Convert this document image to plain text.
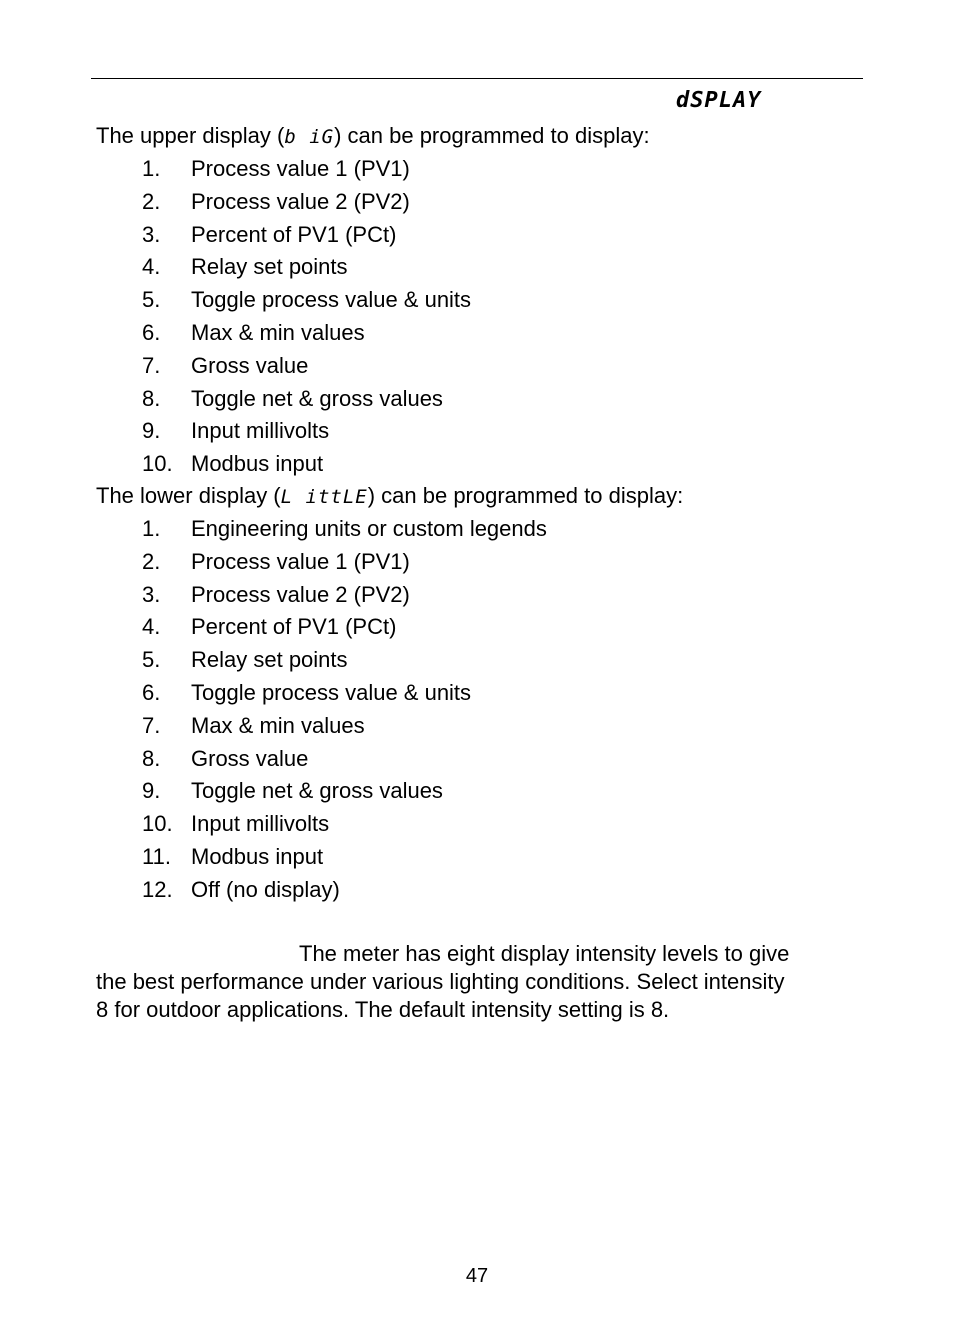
dSPLAY
The upper display (b iG) can be programmed to display:
1. Process value 1 (PV1)
2. Process value 2 (PV2)
3. Percent of PV1 (PCt)
4. Relay set points
5. Toggle process value & units
6. Max & min values
7. Gross value
8. Toggle net & gross values
9. Input millivolts
10. Modbus input
The lower display (L ittLE) can be programmed to display:
1. Engineering units or custom legends
2. Process value 1 (PV1)
3. Process value 2 (PV2)
4. Percent of PV1 (PCt)
5. Relay set points
6. Toggle process value & units
7. Max & min values
8. Gross value
9. Toggle net & gross values
10. Input millivolts
11. Modbus input
12. Off (no display)
The meter has eight display intensity levels to give
the best performance under various lighting conditions. Select intensity
8 for outdoor applications. The default intensity setting is 8.
47
